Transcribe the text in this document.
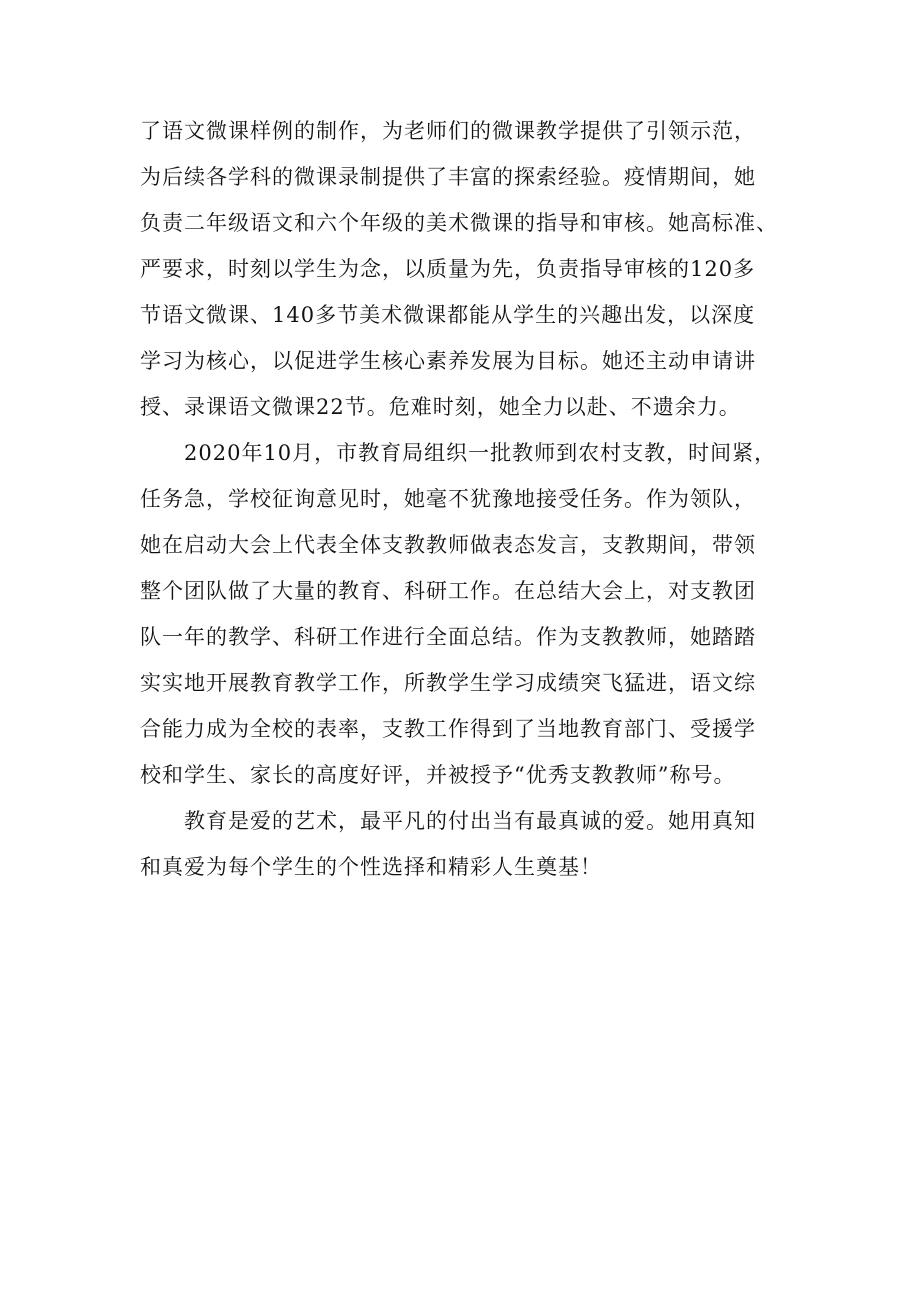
了语文微课样例的制作，为老师们的微课教学提供了引领示范，
为后续各学科的微课录制提供了丰富的探索经验。疫情期间，她
负责二年级语文和六个年级的美术微课的指导和审核。她高标准、
严要求，时刻以学生为念，以质量为先，负责指导审核的120多
节语文微课、140多节美术微课都能从学生的兴趣出发，以深度
学习为核心，以促进学生核心素养发展为目标。她还主动申请讲
授、录课语文微课22节。危难时刻，她全力以赴、不遗余力。
2020年10月，市教育局组织一批教师到农村支教，时间紧，
任务急，学校征询意见时，她毫不犹豫地接受任务。作为领队，
她在启动大会上代表全体支教教师做表态发言，支教期间，带领
整个团队做了大量的教育、科研工作。在总结大会上，对支教团
队一年的教学、科研工作进行全面总结。作为支教教师，她踏踏
实实地开展教育教学工作，所教学生学习成绩突飞猛进，语文综
合能力成为全校的表率，支教工作得到了当地教育部门、受援学
校和学生、家长的高度好评，并被授予“优秀支教教师”称号。
教育是爱的艺术，最平凡的付出当有最真诚的爱。她用真知
和真爱为每个学生的个性选择和精彩人生奠基！
